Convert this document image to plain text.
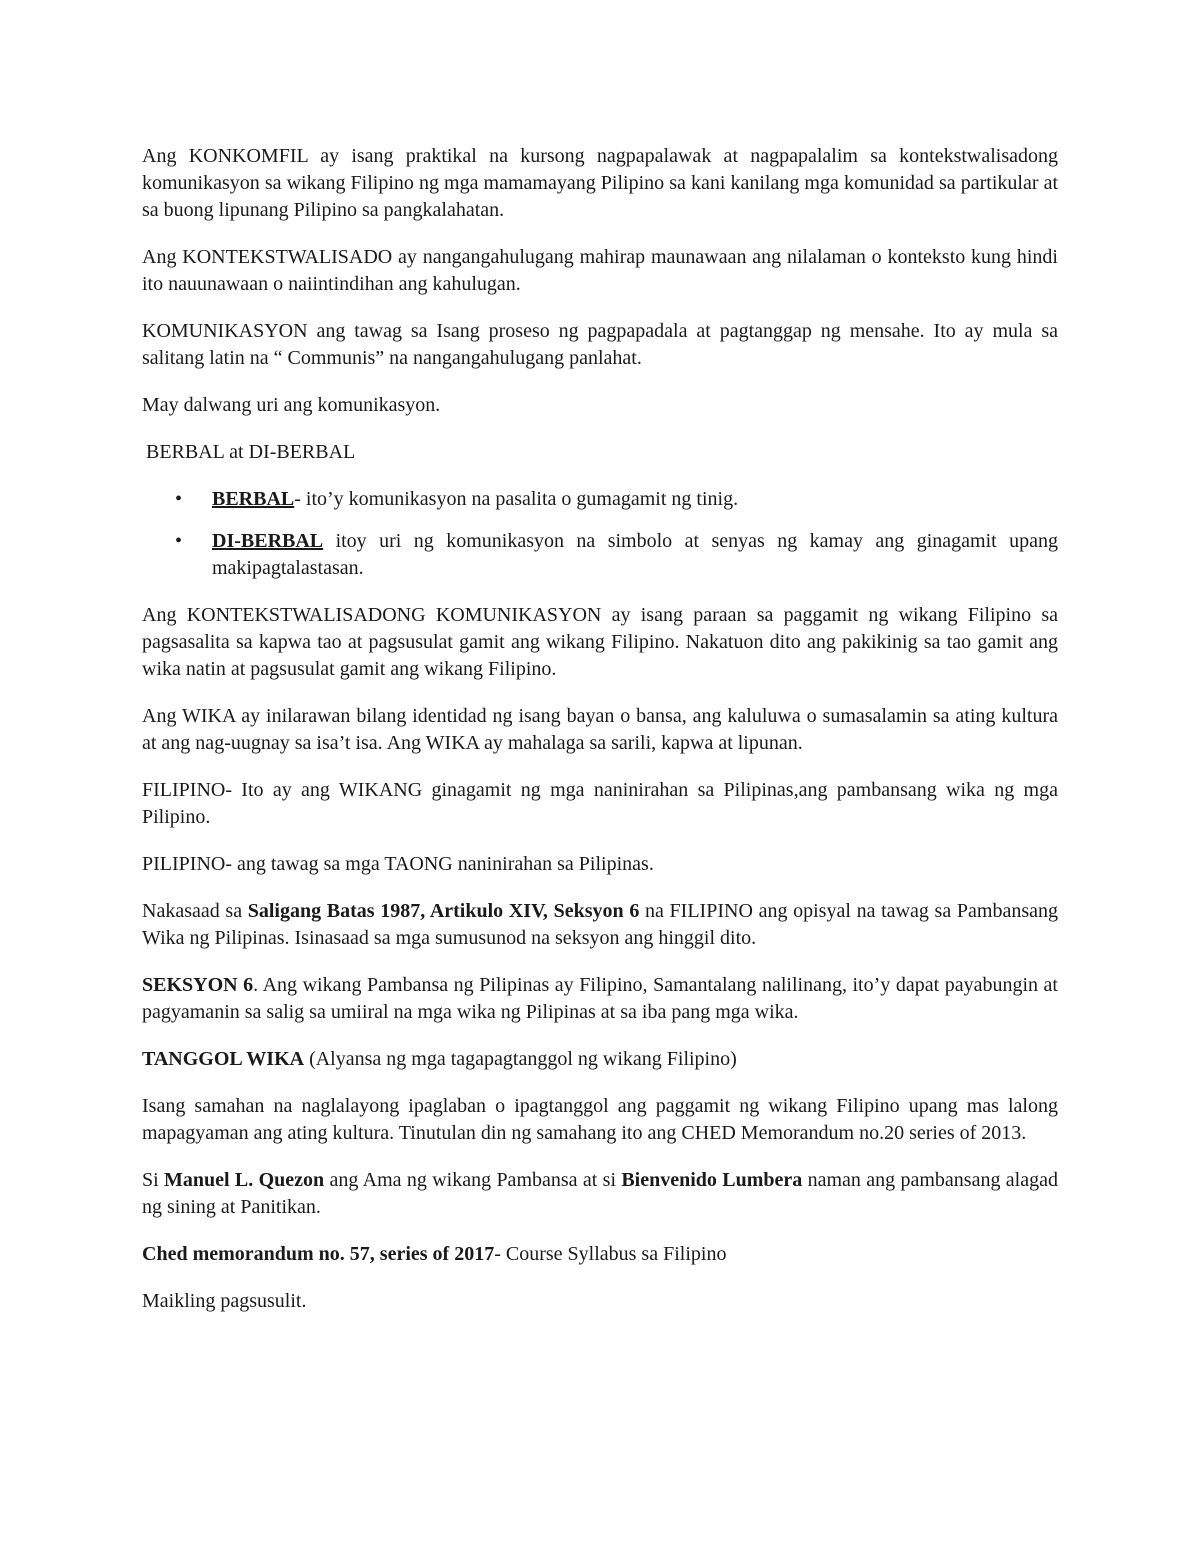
Ang KONKOMFIL ay isang praktikal na kursong nagpapalawak at nagpapalalim sa kontekstwalisadong komunikasyon sa wikang Filipino ng mga mamamayang Pilipino sa kani kanilang mga komunidad sa partikular at sa buong lipunang Pilipino sa pangkalahatan.

Ang KONTEKSTWALISADO ay nangangahulugang mahirap maunawaan ang nilalaman o konteksto kung hindi ito nauunawaan o naiintindihan ang kahulugan.

KOMUNIKASYON ang tawag sa Isang proseso ng pagpapadala at pagtanggap ng mensahe. Ito ay mula sa salitang latin na “ Communis” na nangangahulugang panlahat.

May dalwang uri ang komunikasyon.

BERBAL at DI-BERBAL

• BERBAL- ito’y komunikasyon na pasalita o gumagamit ng tinig.
• DI-BERBAL itoy uri ng komunikasyon na simbolo at senyas ng kamay ang ginagamit upang makipagtalastasan.

Ang KONTEKSTWALISADONG KOMUNIKASYON ay isang paraan sa paggamit ng wikang Filipino sa pagsasalita sa kapwa tao at pagsusulat gamit ang wikang Filipino. Nakatuon dito ang pakikinig sa tao gamit ang wika natin at pagsusulat gamit ang wikang Filipino.

Ang WIKA ay inilarawan bilang identidad ng isang bayan o bansa, ang kaluluwa o sumasalamin sa ating kultura at ang nag-uugnay sa isa’t isa. Ang WIKA ay mahalaga sa sarili, kapwa at lipunan.

FILIPINO- Ito ay ang WIKANG ginagamit ng mga naninirahan sa Pilipinas,ang pambansang wika ng mga Pilipino.

PILIPINO- ang tawag sa mga TAONG naninirahan sa Pilipinas.

Nakasaad sa Saligang Batas 1987, Artikulo XIV, Seksyon 6 na FILIPINO ang opisyal na tawag sa Pambansang Wika ng Pilipinas. Isinasaad sa mga sumusunod na seksyon ang hinggil dito.

SEKSYON 6. Ang wikang Pambansa ng Pilipinas ay Filipino, Samantalang nalilinang, ito’y dapat payabungin at pagyamanin sa salig sa umiiral na mga wika ng Pilipinas at sa iba pang mga wika.

TANGGOL WIKA (Alyansa ng mga tagapagtanggol ng wikang Filipino)

Isang samahan na naglalayong ipaglaban o ipagtanggol ang paggamit ng wikang Filipino upang mas lalong mapagyaman ang ating kultura. Tinutulan din ng samahang ito ang CHED Memorandum no.20 series of 2013.

Si Manuel L. Quezon ang Ama ng wikang Pambansa at si Bienvenido Lumbera naman ang pambansang alagad ng sining at Panitikan.

Ched memorandum no. 57, series of 2017- Course Syllabus sa Filipino

Maikling pagsusulit.
